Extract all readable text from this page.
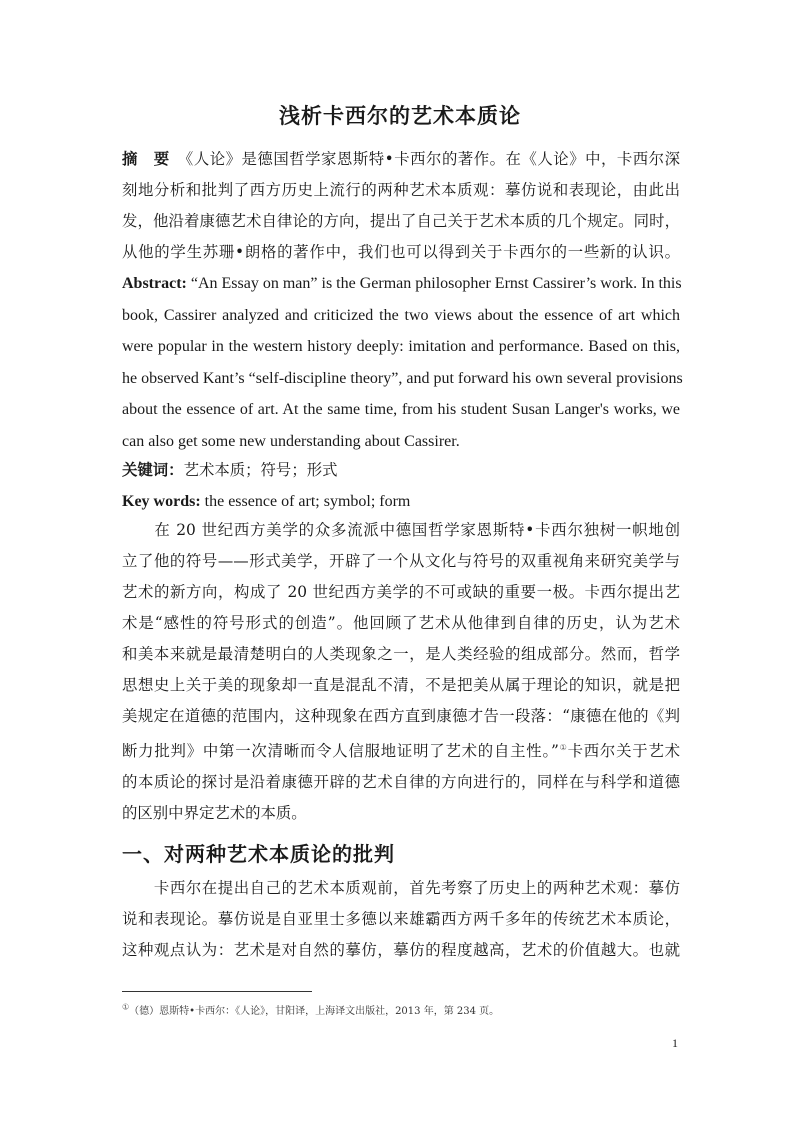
浅析卡西尔的艺术本质论
摘　要　 《人论》是德国哲学家恩斯特•卡西尔的著作。在《人论》中，卡西尔深
刻地分析和批判了西方历史上流行的两种艺术本质观：摹仿说和表现论，由此出
发，他沿着康德艺术自律论的方向，提出了自己关于艺术本质的几个规定。同时，
从他的学生苏珊•朗格的著作中，我们也可以得到关于卡西尔的一些新的认识。
Abstract: “An Essay on man” is the German philosopher Ernst Cassirer’s work. In this
book, Cassirer analyzed and criticized the two views about the essence of art which
were popular in the western history deeply: imitation and performance. Based on this,
he observed Kant’s “self-discipline theory”, and put forward his own several provisions
about the essence of art. At the same time, from his student Susan Langer's works, we
can also get some new understanding about Cassirer.
关键词：艺术本质；符号；形式
Key words: the essence of art; symbol; form
　　在 20 世纪西方美学的众多流派中德国哲学家恩斯特•卡西尔独树一帜地创
立了他的符号——形式美学，开辟了一个从文化与符号的双重视角来研究美学与
艺术的新方向，构成了 20 世纪西方美学的不可或缺的重要一极。卡西尔提出艺
术是“感性的符号形式的创造”。他回顾了艺术从他律到自律的历史，认为艺术
和美本来就是最清楚明白的人类现象之一，是人类经验的组成部分。然而，哲学
思想史上关于美的现象却一直是混乱不清，不是把美从属于理论的知识，就是把
美规定在道德的范围内，这种现象在西方直到康德才告一段落：“康德在他的《判
断力批判》中第一次清晰而令人信服地证明了艺术的自主性。”①卡西尔关于艺术
的本质论的探讨是沿着康德开辟的艺术自律的方向进行的，同样在与科学和道德
的区别中界定艺术的本质。
一、对两种艺术本质论的批判
　　卡西尔在提出自己的艺术本质观前，首先考察了历史上的两种艺术观：摹仿
说和表现论。摹仿说是自亚里士多德以来雄霸西方两千多年的传统艺术本质论，
这种观点认为：艺术是对自然的摹仿，摹仿的程度越高，艺术的价值越大。也就
①（德）恩斯特•卡西尔：《人论》，甘阳译，上海译文出版社，2013 年，第 234 页。
1
